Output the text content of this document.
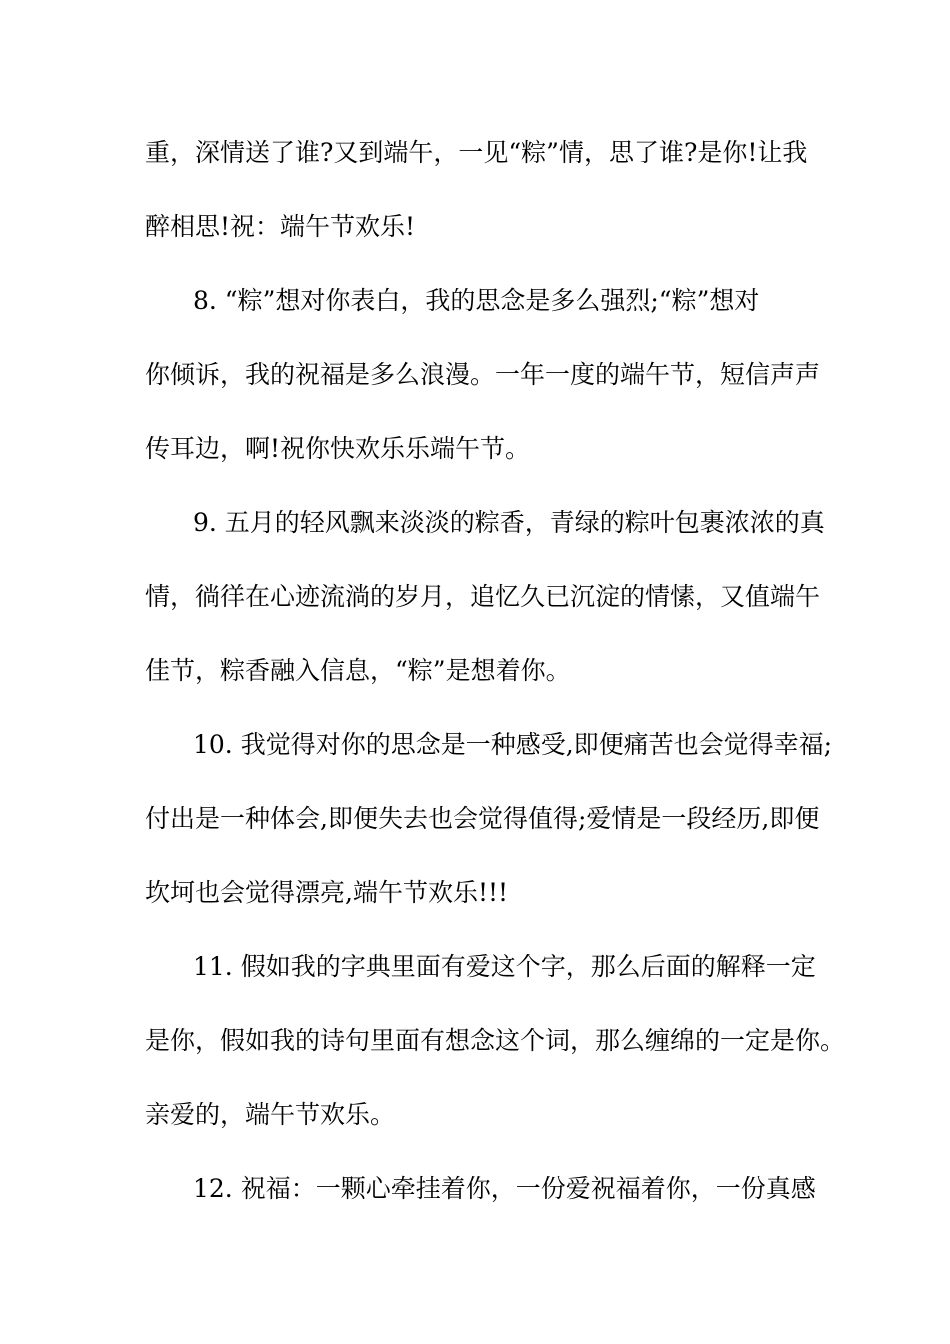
重，深情送了谁?又到端午，一见“粽”情，思了谁?是你!让我
醉相思!祝：端午节欢乐!
8. “粽”想对你表白，我的思念是多么强烈;“粽”想对
你倾诉，我的祝福是多么浪漫。一年一度的端午节，短信声声
传耳边，啊!祝你快欢乐乐端午节。
9. 五月的轻风飘来淡淡的粽香，青绿的粽叶包裹浓浓的真
情，徜徉在心迹流淌的岁月，追忆久已沉淀的情愫，又值端午
佳节，粽香融入信息，“粽”是想着你。
10. 我觉得对你的思念是一种感受,即便痛苦也会觉得幸福;
付出是一种体会,即便失去也会觉得值得;爱情是一段经历,即便
坎坷也会觉得漂亮,端午节欢乐!!!
11. 假如我的字典里面有爱这个字，那么后面的解释一定
是你，假如我的诗句里面有想念这个词，那么缠绵的一定是你。
亲爱的，端午节欢乐。
12. 祝福：一颗心牵挂着你，一份爱祝福着你，一份真感
